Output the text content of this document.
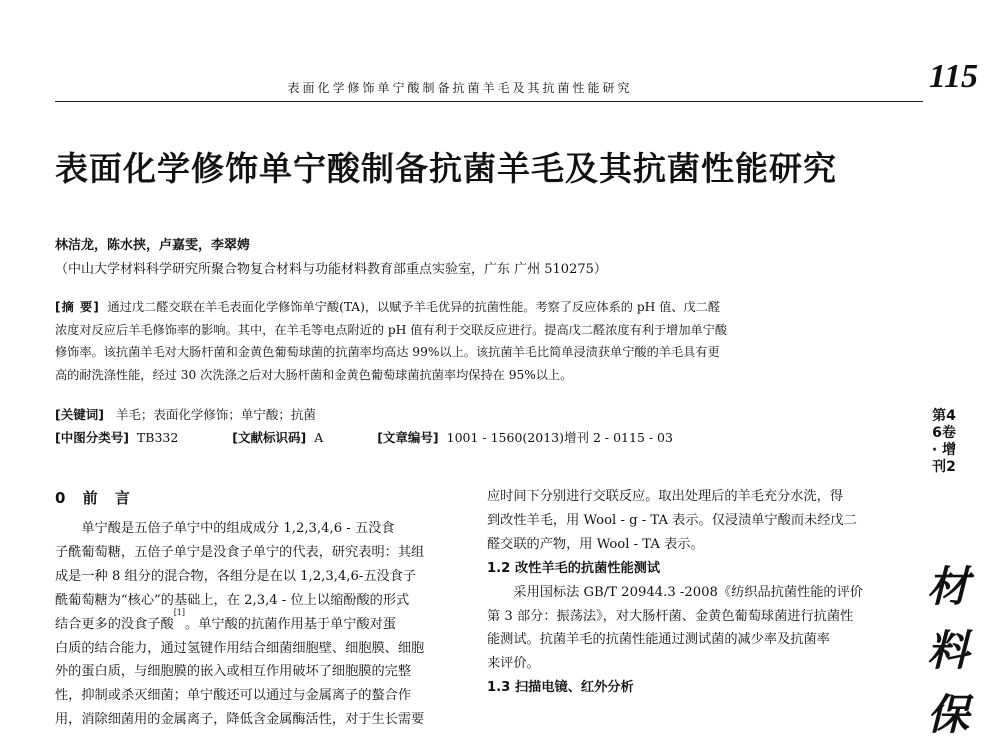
表面化学修饰单宁酸制备抗菌羊毛及其抗菌性能研究	115
表面化学修饰单宁酸制备抗菌羊毛及其抗菌性能研究
林洁龙，陈水挟，卢嘉雯，李翠娉
（中山大学材料科学研究所聚合物复合材料与功能材料教育部重点实验室，广东 广州 510275）
[摘 要] 通过戊二醛交联在羊毛表面化学修饰单宁酸(TA)，以赋予羊毛优异的抗菌性能。考察了反应体系的 pH 值、戊二醛
浓度对反应后羊毛修饰率的影响。其中，在羊毛等电点附近的 pH 值有利于交联反应进行。提高戊二醛浓度有利于增加单宁酸
修饰率。该抗菌羊毛对大肠杆菌和金黄色葡萄球菌的抗菌率均高达 99%以上。该抗菌羊毛比简单浸渍获单宁酸的羊毛具有更
高的耐洗涤性能，经过 30 次洗涤之后对大肠杆菌和金黄色葡萄球菌抗菌率均保持在 95%以上。
[关键词] 羊毛；表面化学修饰；单宁酸；抗菌
[中图分类号] TB332	[文献标识码] A	[文章编号] 1001 - 1560(2013)增刊 2 - 0115 - 03
0 前 言
单宁酸是五倍子单宁中的组成成分 1,2,3,4,6 - 五没食
子酰葡萄糖，五倍子单宁是没食子单宁的代表，研究表明：其组
成是一种 8 组分的混合物，各组分是在以 1,2,3,4,6-五没食子
酰葡萄糖为“核心”的基础上，在 2,3,4 - 位上以缩酚酸的形式
结合更多的没食子酸[1]。单宁酸的抗菌作用基于单宁酸对蛋
白质的结合能力，通过氢键作用结合细菌细胞壁、细胞膜、细胞
外的蛋白质，与细胞膜的嵌入或相互作用破坏了细胞膜的完整
性，抑制或杀灭细菌；单宁酸还可以通过与金属离子的螯合作
用，消除细菌用的金属离子，降低含金属酶活性，对于生长需要
应时间下分别进行交联反应。取出处理后的羊毛充分水洗，得
到改性羊毛，用 Wool - g - TA 表示。仅浸渍单宁酸而未经戊二
醛交联的产物，用 Wool - TA 表示。
1.2 改性羊毛的抗菌性能测试
采用国标法 GB/T 20944.3 -2008《纺织品抗菌性能的评价
第 3 部分：振荡法》，对大肠杆菌、金黄色葡萄球菌进行抗菌性
能测试。抗菌羊毛的抗菌性能通过测试菌的减少率及抗菌率
来评价。
1.3 扫描电镜、红外分析
第46卷 · 增刊2
材料保
